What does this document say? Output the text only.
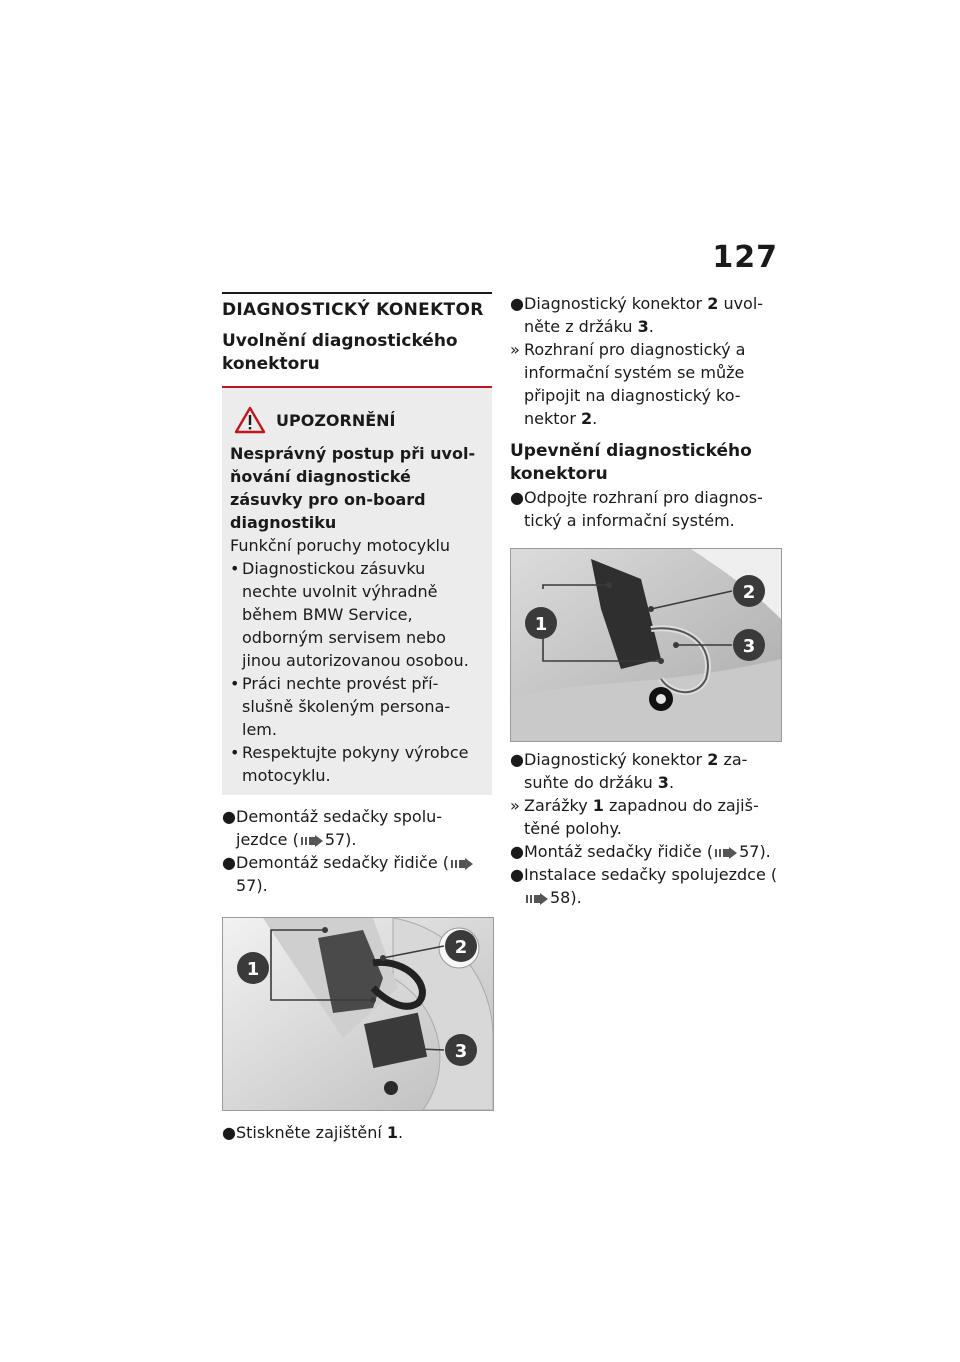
127
DIAGNOSTICKÝ KONEKTOR
Uvolnění diagnostického konektoru
UPOZORNĚNÍ
Nesprávný postup při uvol-ňování diagnostické zásuvky pro on-board diagnostiku
Funkční poruchy motocyklu
• Diagnostickou zásuvku nechte uvolnit výhradně během BMW Service, odborným servisem nebo jinou autorizovanou osobou.
• Práci nechte provést pří-slušně školeným persona-lem.
• Respektujte pokyny výrobce motocyklu.
● Demontáž sedačky spolu-jezdce ( 57).
● Demontáž sedačky řidiče (57).
1
2
3
● Stiskněte zajištění 1.
● Diagnostický konektor 2 uvol-něte z držáku 3.
» Rozhraní pro diagnostický a informační systém se může připojit na diagnostický ko-nektor 2.
Upevnění diagnostického konektoru
● Odpojte rozhraní pro diagnos-tický a informační systém.
1
2
3
● Diagnostický konektor 2 za-suňte do držáku 3.
» Zarážky 1 zapadnou do zajiš-těné polohy.
● Montáž sedačky řidiče ( 57).
● Instalace sedačky spolujezdce (58).
